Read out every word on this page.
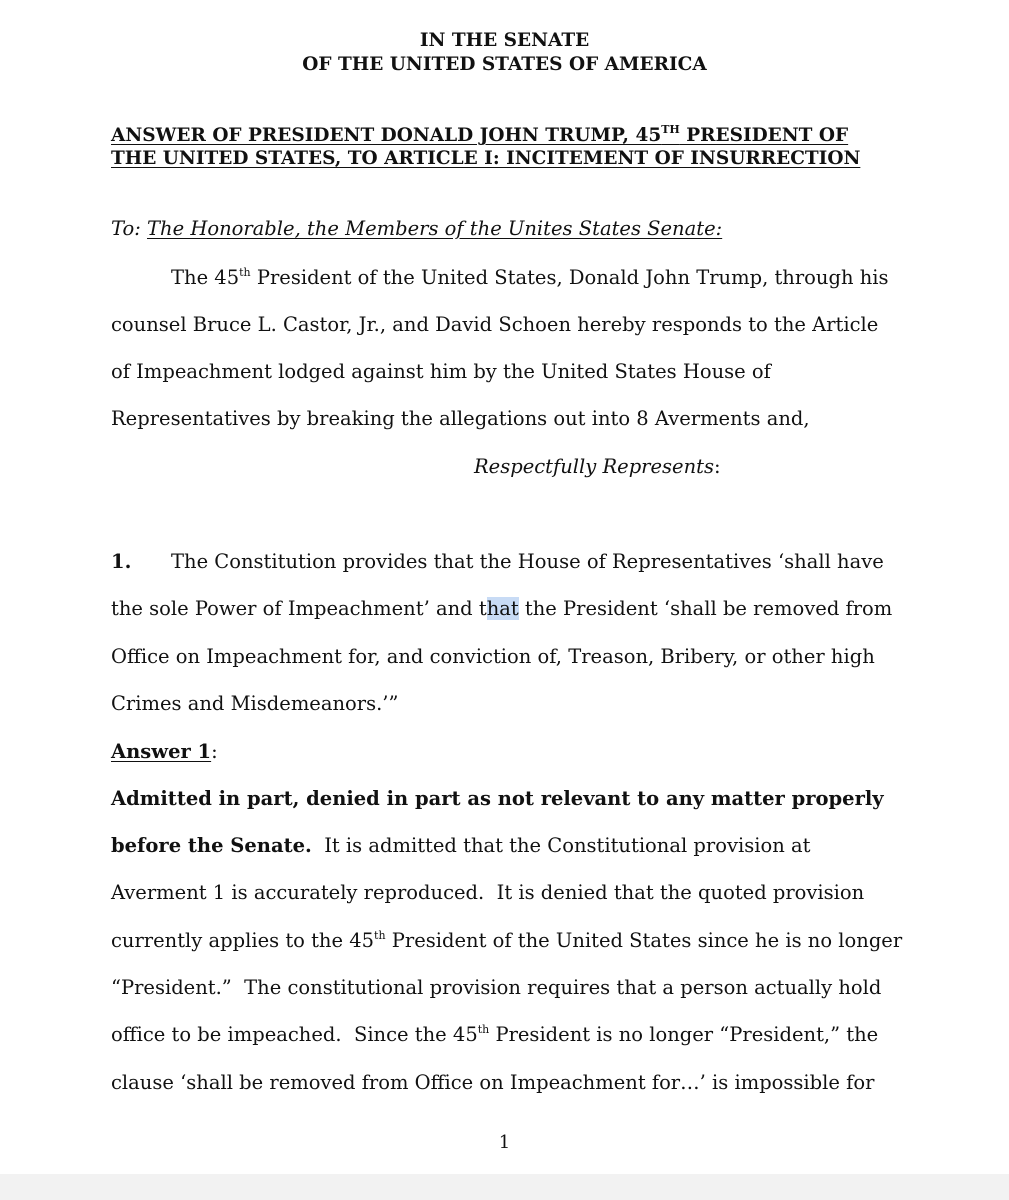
IN THE SENATE
OF THE UNITED STATES OF AMERICA
ANSWER OF PRESIDENT DONALD JOHN TRUMP, 45TH PRESIDENT OF
THE UNITED STATES, TO ARTICLE I: INCITEMENT OF INSURRECTION
To: The Honorable, the Members of the Unites States Senate:
The 45th President of the United States, Donald John Trump, through his
counsel Bruce L. Castor, Jr., and David Schoen hereby responds to the Article
of Impeachment lodged against him by the United States House of
Representatives by breaking the allegations out into 8 Averments and,
Respectfully Represents:
1. The Constitution provides that the House of Representatives ‘shall have
the sole Power of Impeachment’ and that the President ‘shall be removed from
Office on Impeachment for, and conviction of, Treason, Bribery, or other high
Crimes and Misdemeanors.’”
Answer 1:
Admitted in part, denied in part as not relevant to any matter properly
before the Senate.  It is admitted that the Constitutional provision at
Averment 1 is accurately reproduced.  It is denied that the quoted provision
currently applies to the 45th President of the United States since he is no longer
“President.”  The constitutional provision requires that a person actually hold
office to be impeached.  Since the 45th President is no longer “President,” the
clause ‘shall be removed from Office on Impeachment for…’ is impossible for
1
